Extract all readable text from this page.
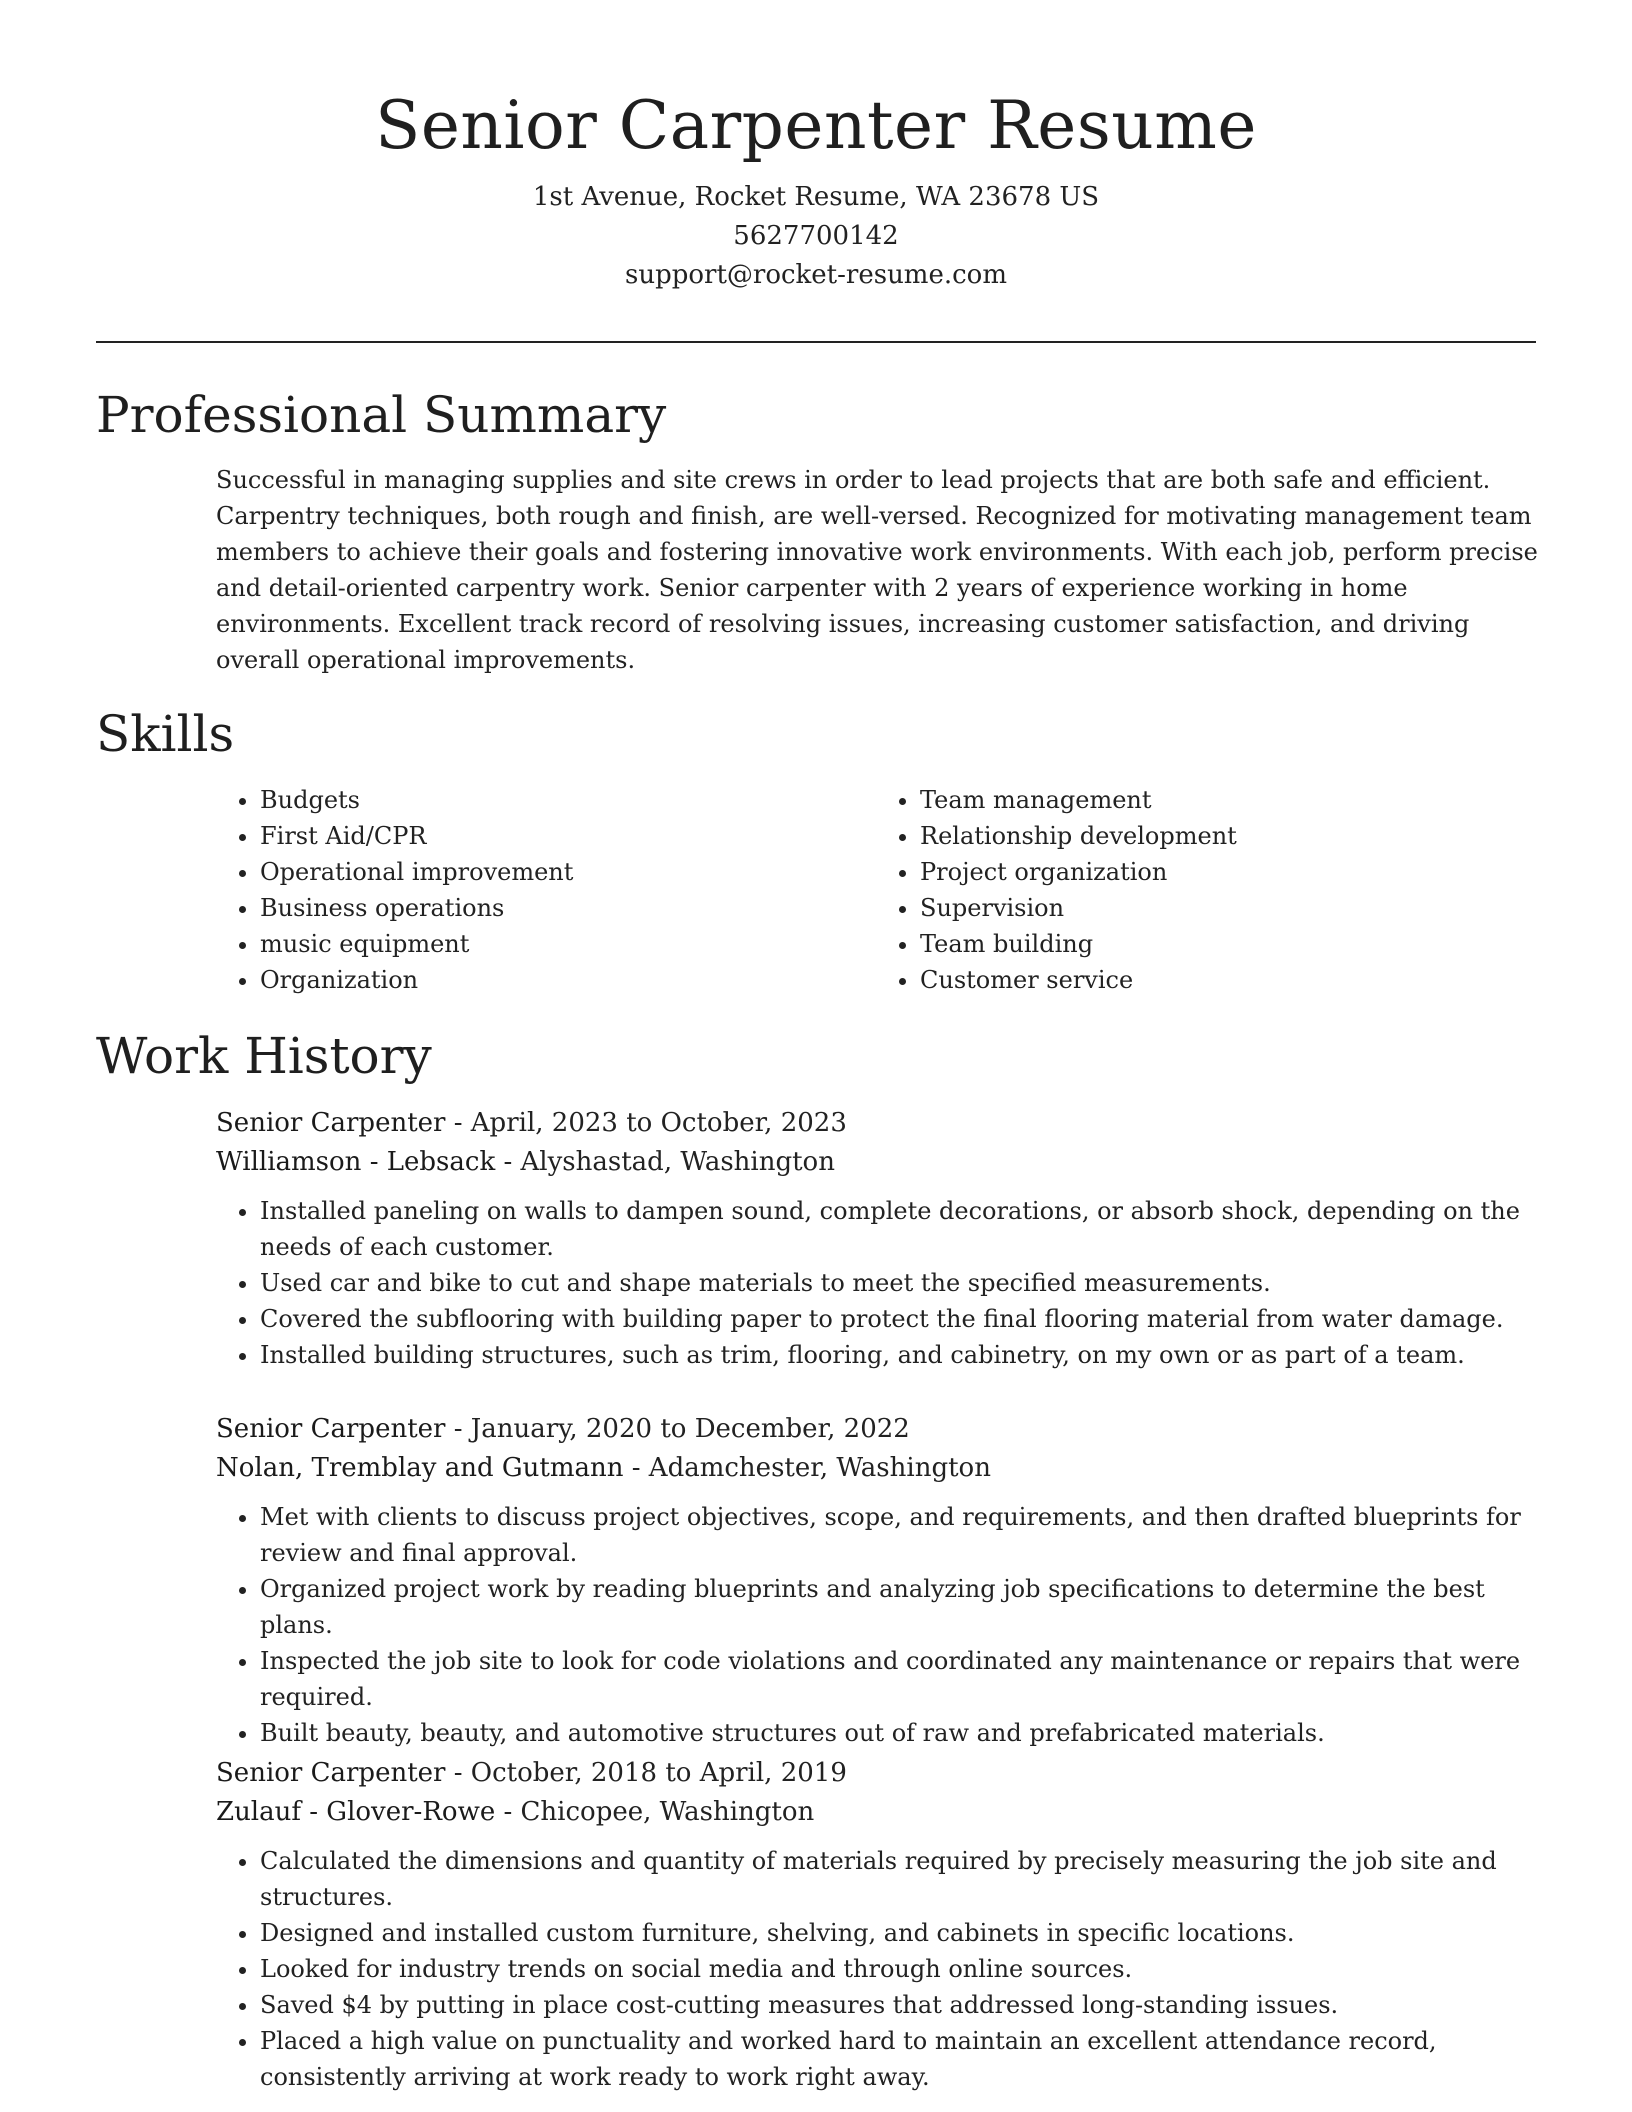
Senior Carpenter Resume
1st Avenue, Rocket Resume, WA 23678 US
5627700142
support@rocket-resume.com
Professional Summary
Successful in managing supplies and site crews in order to lead projects that are both safe and efficient. Carpentry techniques, both rough and finish, are well-versed. Recognized for motivating management team members to achieve their goals and fostering innovative work environments. With each job, perform precise and detail-oriented carpentry work. Senior carpenter with 2 years of experience working in home environments. Excellent track record of resolving issues, increasing customer satisfaction, and driving overall operational improvements.
Skills
• Budgets
• First Aid/CPR
• Operational improvement
• Business operations
• music equipment
• Organization
• Team management
• Relationship development
• Project organization
• Supervision
• Team building
• Customer service
Work History
Senior Carpenter - April, 2023 to October, 2023
Williamson - Lebsack - Alyshastad, Washington
• Installed paneling on walls to dampen sound, complete decorations, or absorb shock, depending on the needs of each customer.
• Used car and bike to cut and shape materials to meet the specified measurements.
• Covered the subflooring with building paper to protect the final flooring material from water damage.
• Installed building structures, such as trim, flooring, and cabinetry, on my own or as part of a team.
Senior Carpenter - January, 2020 to December, 2022
Nolan, Tremblay and Gutmann - Adamchester, Washington
• Met with clients to discuss project objectives, scope, and requirements, and then drafted blueprints for review and final approval.
• Organized project work by reading blueprints and analyzing job specifications to determine the best plans.
• Inspected the job site to look for code violations and coordinated any maintenance or repairs that were required.
• Built beauty, beauty, and automotive structures out of raw and prefabricated materials.
Senior Carpenter - October, 2018 to April, 2019
Zulauf - Glover-Rowe - Chicopee, Washington
• Calculated the dimensions and quantity of materials required by precisely measuring the job site and structures.
• Designed and installed custom furniture, shelving, and cabinets in specific locations.
• Looked for industry trends on social media and through online sources.
• Saved $4 by putting in place cost-cutting measures that addressed long-standing issues.
• Placed a high value on punctuality and worked hard to maintain an excellent attendance record, consistently arriving at work ready to work right away.
